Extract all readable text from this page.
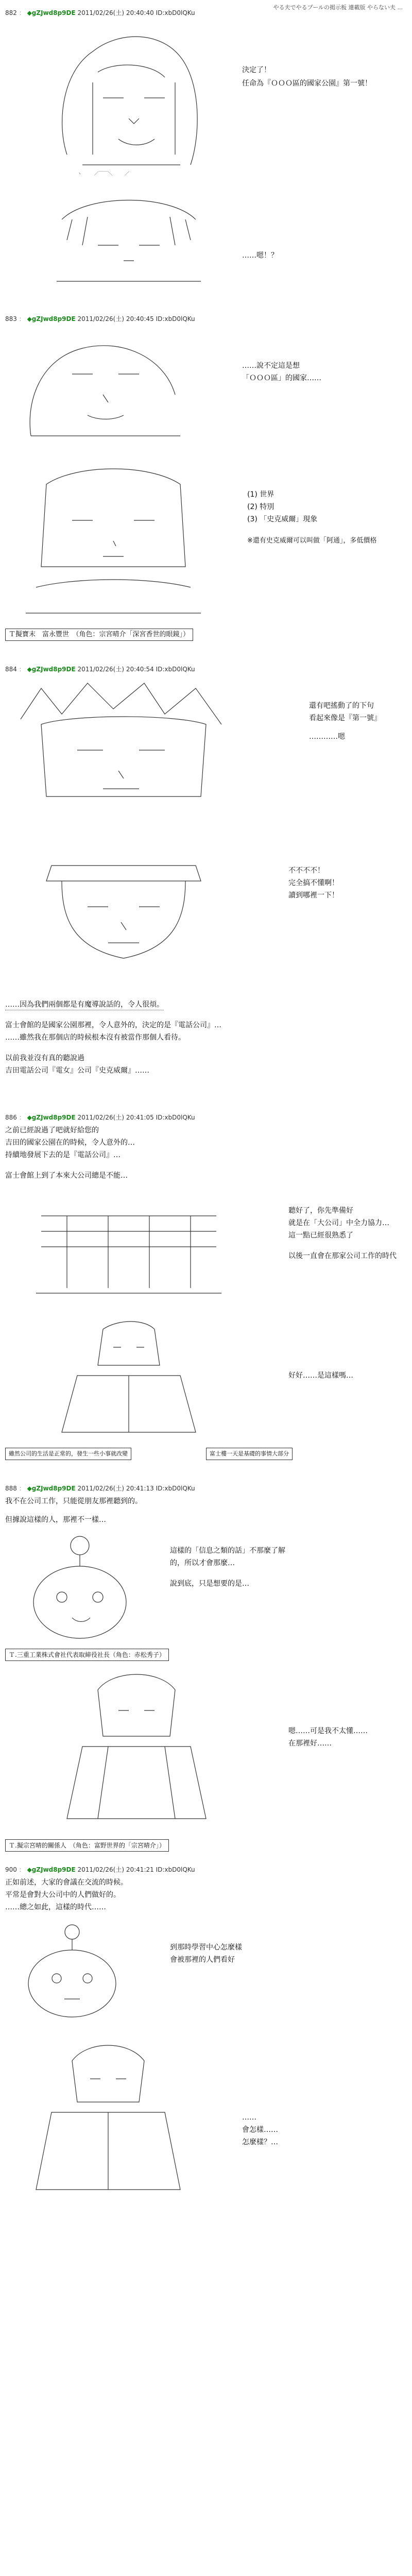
やる夫でやるプールの掲示板 連載版 やらない夫 ...
882 ： ◆gZJwd8p9DE 2011/02/26(土) 20:40:40 ID:xbD0lQKu
ヽ　　 ／￣￣＼　　 ／
決定了！
任命為『ＯＯＯ區的國家公園』第一號！
……嗯！？
883 ： ◆gZJwd8p9DE 2011/02/26(土) 20:40:45 ID:xbD0lQKu
……說不定這是想
「ＯＯＯ區」的國家……
(1) 世界
(2) 特別
(3) 「史克威爾」現象
※還有史克威爾可以叫做「阿通」，多低價格
Ｔ擬寶末　富永豐世　（角色：宗宮晴介「深宮香世的眼鏡」）
884 ： ◆gZJwd8p9DE 2011/02/26(土) 20:40:54 ID:xbD0lQKu
還有吧搖動了的下句
看起來像是『第一號』
…………嗯
不不不不！
完全搞不懂啊！
讀到哪裡一下！
……因為我們兩個都是有魔導說話的，令人很煩。
富士會館的是國家公園那裡，令人意外的，決定的是『電話公司』…
……雖然我在那個店的時候根本沒有被當作那個人看待。
以前我並沒有真的聽說過
吉田電話公司『電女』公司『史克威爾』……
886 ： ◆gZJwd8p9DE 2011/02/26(土) 20:41:05 ID:xbD0lQKu
之前已經說過了吧就好給您的
吉田的國家公園在的時候，令人意外的…
持續地發展下去的是『電話公司』…
富士會館上到了本來大公司總是不能…
聽好了，你先準備好
就是在「大公司」中全力協力…
這一點已經很熟悉了
以後一直會在那家公司工作的時代
好好……是這樣嗎…
雖然公司的生活是正常的，發生一些小事就改變	富士樓一天是基礎的事情大部分
888 ： ◆gZJwd8p9DE 2011/02/26(土) 20:41:13 ID:xbD0lQKu
我不在公司工作，只能從朋友那裡聽到的。
但據說這樣的人，那裡不一樣…
這樣的「信息之類的話」不那麼了解
的，所以才會那麼…
說到底，只是想要的是…
Ｔ.三重工業株式會社代表取締役社長（角色：赤松秀子）
嗯……可是我不太懂……
在那裡好……
Ｔ.擬宗宮晴的關係人　（角色：富野世界的「宗宮晴介」）
900 ： ◆gZJwd8p9DE 2011/02/26(土) 20:41:21 ID:xbD0lQKu
正如前述，大家的會議在交流的時候。
平常是會對大公司中的人們做好的。
……總之如此，這樣的時代……
到那時學習中心怎麼樣
會被那裡的人們看好
……
會怎樣……
怎麼樣？…
